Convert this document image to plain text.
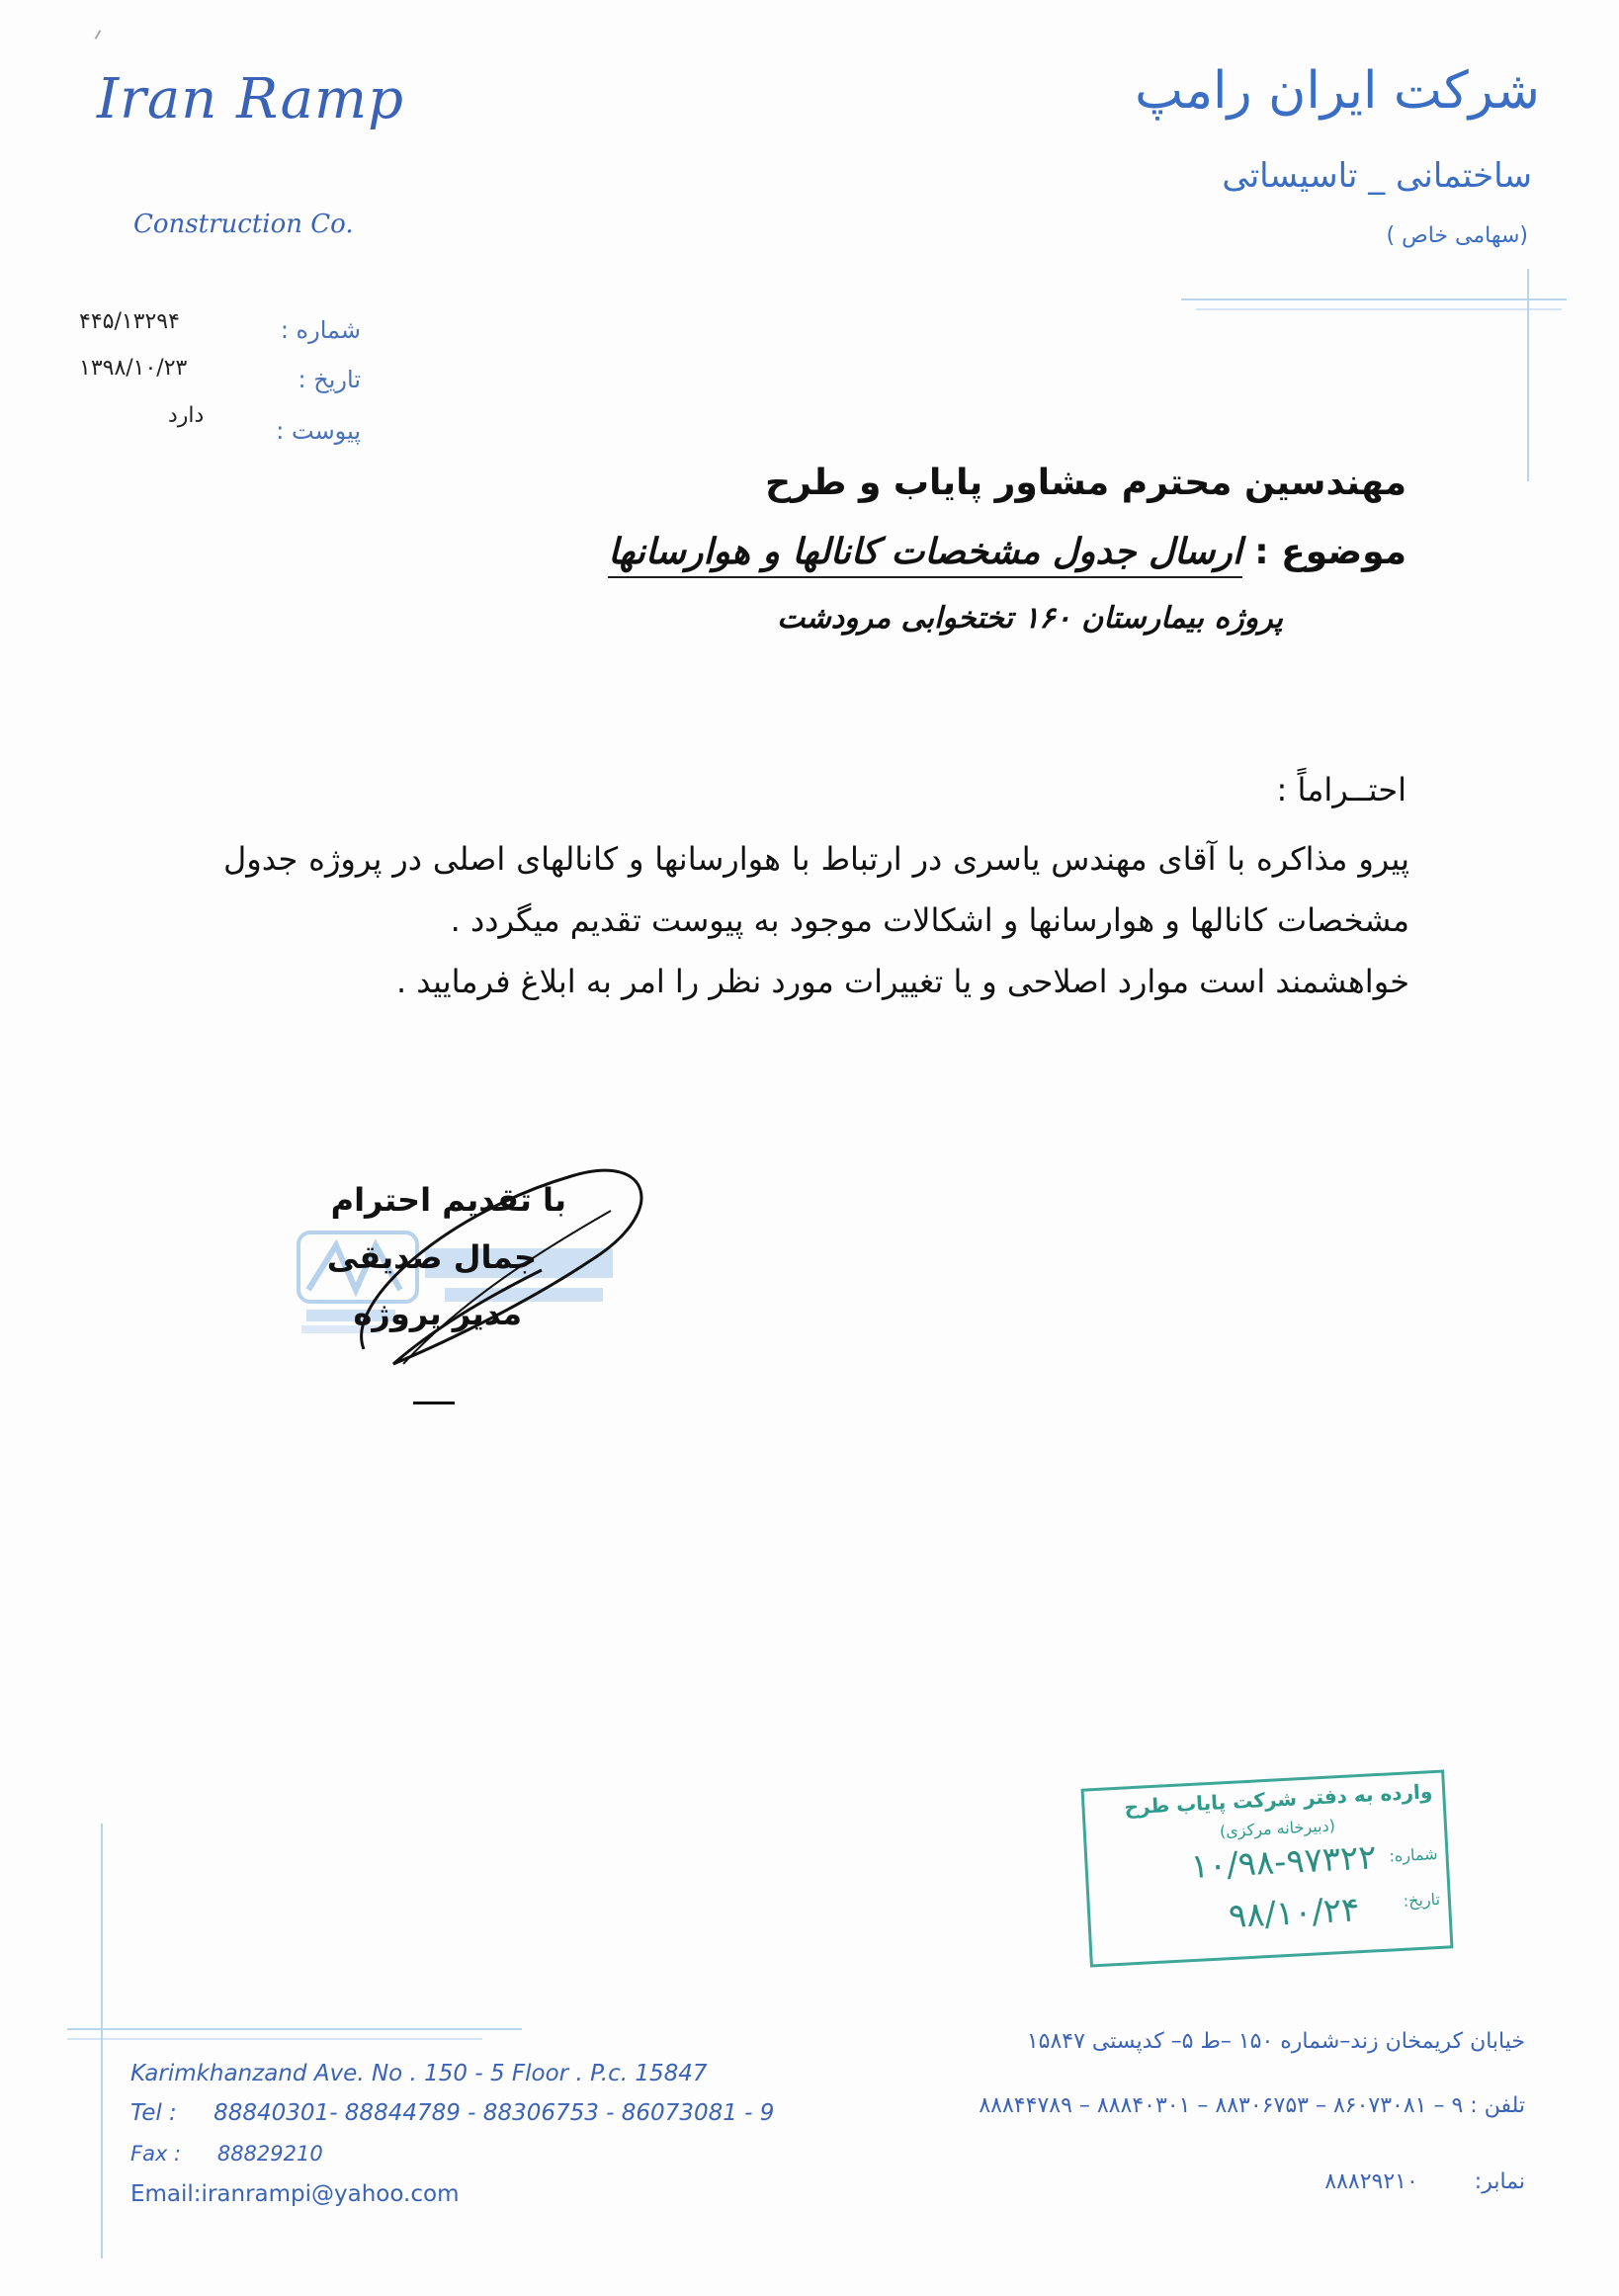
Iran Ramp
Construction Co.
شرکت ایران رامپ
ساختمانی _ تاسیساتی
(سهامی خاص )
شماره :
۴۴۵/۱۳۲۹۴
تاریخ :
۱۳۹۸/۱۰/۲۳
پیوست :
دارد
مهندسین محترم مشاور پایاب و طرح
موضوع : ارسال جدول مشخصات کانالها و هوارسانها
پروژه بیمارستان ۱۶۰ تختخوابی مرودشت
احتــراماً :
پیرو مذاکره با آقای مهندس یاسری در ارتباط با هوارسانها و کانالهای اصلی در پروژه جدول مشخصات کانالها و هوارسانها و اشکالات موجود به پیوست تقدیم میگردد .
خواهشمند است موارد اصلاحی و یا تغییرات مورد نظر را امر به ابلاغ فرمایید .
با تقدیم احترام
جمال صدیقی
مدیر پروژه
وارده به دفتر شرکت پایاب طرح
(دبیرخانه مرکزی)
شماره:
۱۰/۹۸-۹۷۳۲۲
تاریخ:
۹۸/۱۰/۲۴
Karimkhanzand Ave. No . 150 - 5 Floor . P.c. 15847
Tel : 88840301- 88844789 - 88306753 - 86073081 - 9
Fax : 88829210
Email:iranrampi@yahoo.com
خیابان کریمخان زند–شماره ۱۵۰ –ط ۵– کدپستی ۱۵۸۴۷
تلفن : ۹ – ۸۶۰۷۳۰۸۱ – ۸۸۳۰۶۷۵۳ – ۸۸۸۴۰۳۰۱ – ۸۸۸۴۴۷۸۹
نمابر: ۸۸۸۲۹۲۱۰
